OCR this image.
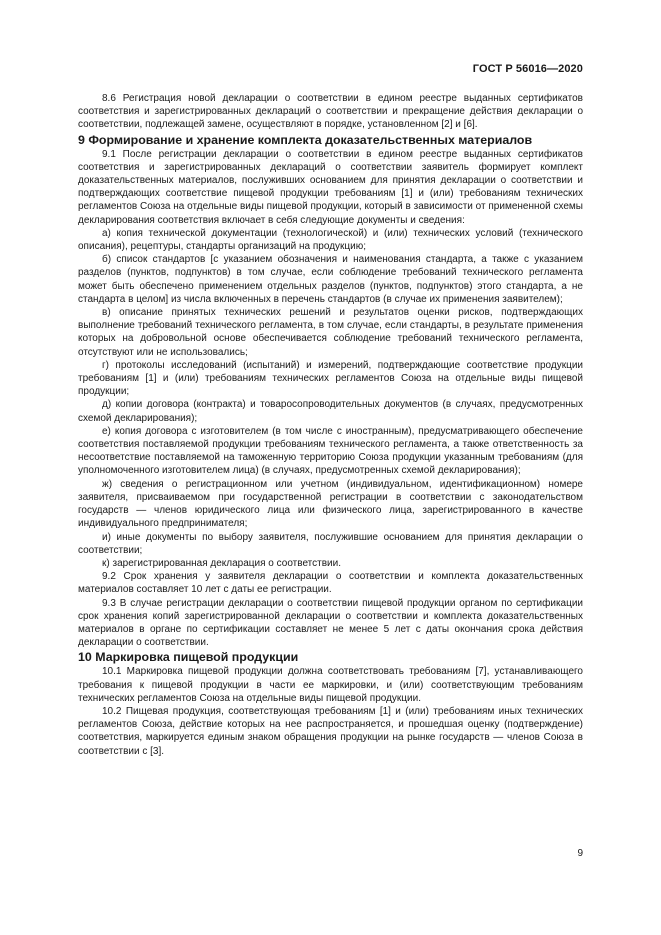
ГОСТ Р 56016—2020

8.6 Регистрация новой декларации о соответствии в едином реестре выданных сертификатов соответствия и зарегистрированных деклараций о соответствии и прекращение действия декларации о соответствии, подлежащей замене, осуществляют в порядке, установленном [2] и [6].

9 Формирование и хранение комплекта доказательственных материалов

9.1 После регистрации декларации о соответствии в едином реестре выданных сертификатов соответствия и зарегистрированных деклараций о соответствии заявитель формирует комплект доказательственных материалов, послуживших основанием для принятия декларации о соответствии и подтверждающих соответствие пищевой продукции требованиям [1] и (или) требованиям технических регламентов Союза на отдельные виды пищевой продукции, который в зависимости от примененной схемы декларирования соответствия включает в себя следующие документы и сведения:

а) копия технической документации (технологической) и (или) технических условий (технического описания), рецептуры, стандарты организаций на продукцию;

б) список стандартов [с указанием обозначения и наименования стандарта, а также с указанием разделов (пунктов, подпунктов) в том случае, если соблюдение требований технического регламента может быть обеспечено применением отдельных разделов (пунктов, подпунктов) этого стандарта, а не стандарта в целом] из числа включенных в перечень стандартов (в случае их применения заявителем);

в) описание принятых технических решений и результатов оценки рисков, подтверждающих выполнение требований технического регламента, в том случае, если стандарты, в результате применения которых на добровольной основе обеспечивается соблюдение требований технического регламента, отсутствуют или не использовались;

г) протоколы исследований (испытаний) и измерений, подтверждающие соответствие продукции требованиям [1] и (или) требованиям технических регламентов Союза на отдельные виды пищевой продукции;

д) копии договора (контракта) и товаросопроводительных документов (в случаях, предусмотренных схемой декларирования);

е) копия договора с изготовителем (в том числе с иностранным), предусматривающего обеспечение соответствия поставляемой продукции требованиям технического регламента, а также ответственность за несоответствие поставляемой на таможенную территорию Союза продукции указанным требованиям (для уполномоченного изготовителем лица) (в случаях, предусмотренных схемой декларирования);

ж) сведения о регистрационном или учетном (индивидуальном, идентификационном) номере заявителя, присваиваемом при государственной регистрации в соответствии с законодательством государств — членов юридического лица или физического лица, зарегистрированного в качестве индивидуального предпринимателя;

и) иные документы по выбору заявителя, послужившие основанием для принятия декларации о соответствии;

к) зарегистрированная декларация о соответствии.

9.2 Срок хранения у заявителя декларации о соответствии и комплекта доказательственных материалов составляет 10 лет с даты ее регистрации.

9.3 В случае регистрации декларации о соответствии пищевой продукции органом по сертификации срок хранения копий зарегистрированной декларации о соответствии и комплекта доказательственных материалов в органе по сертификации составляет не менее 5 лет с даты окончания срока действия декларации о соответствии.

10 Маркировка пищевой продукции

10.1 Маркировка пищевой продукции должна соответствовать требованиям [7], устанавливающего требования к пищевой продукции в части ее маркировки, и (или) соответствующим требованиям технических регламентов Союза на отдельные виды пищевой продукции.

10.2 Пищевая продукция, соответствующая требованиям [1] и (или) требованиям иных технических регламентов Союза, действие которых на нее распространяется, и прошедшая оценку (подтверждение) соответствия, маркируется единым знаком обращения продукции на рынке государств — членов Союза в соответствии с [3].

9
